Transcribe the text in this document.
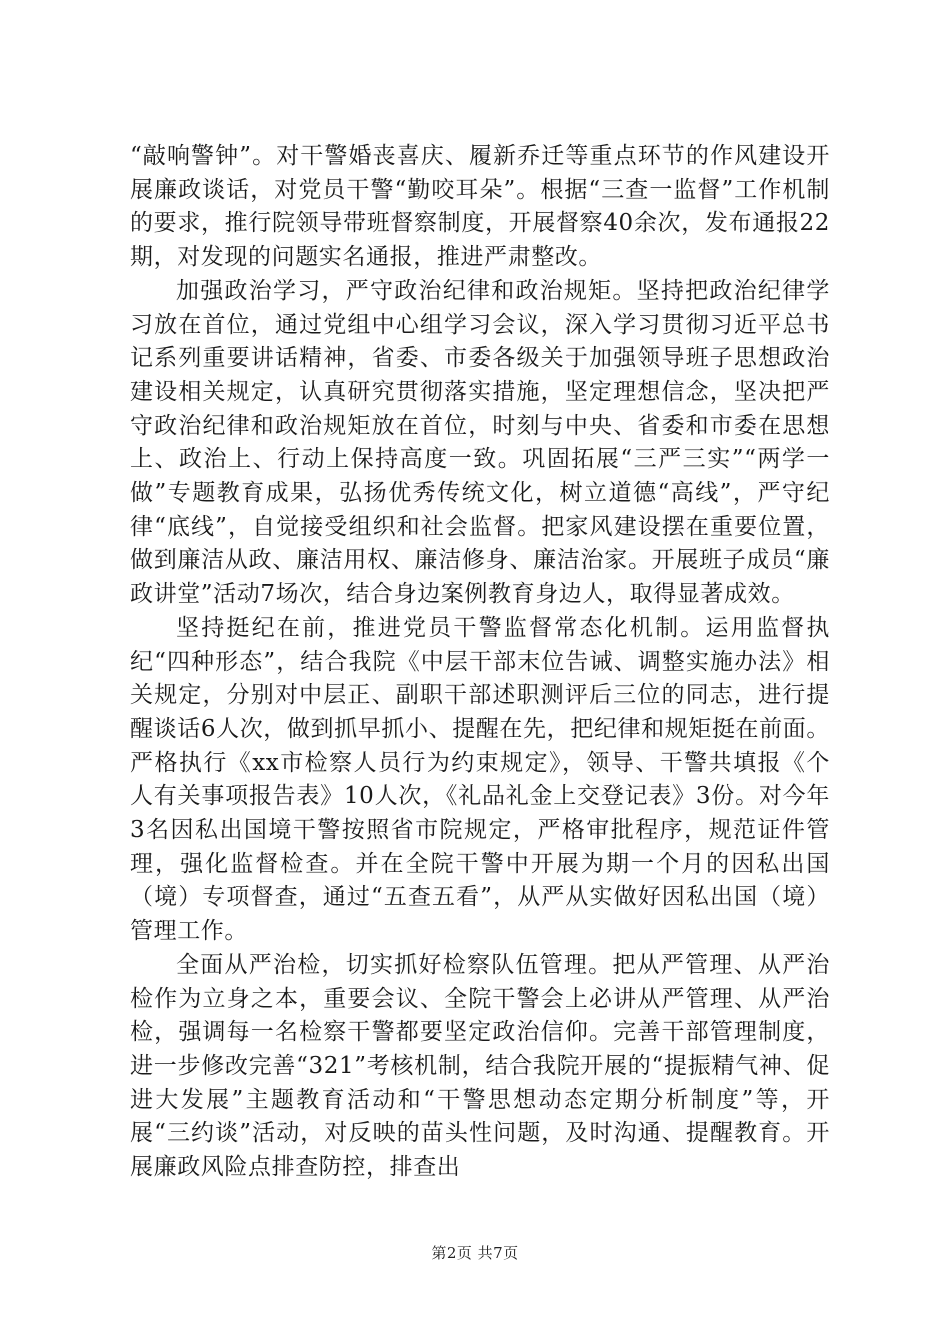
“敲响警钟”。对干警婚丧喜庆、履新乔迁等重点环节的作风建设开展廉政谈话，对党员干警“勤咬耳朵”。根据“三查一监督”工作机制的要求，推行院领导带班督察制度，开展督察40余次，发布通报22期，对发现的问题实名通报，推进严肃整改。

加强政治学习，严守政治纪律和政治规矩。坚持把政治纪律学习放在首位，通过党组中心组学习会议，深入学习贯彻习近平总书记系列重要讲话精神，省委、市委各级关于加强领导班子思想政治建设相关规定，认真研究贯彻落实措施，坚定理想信念，坚决把严守政治纪律和政治规矩放在首位，时刻与中央、省委和市委在思想上、政治上、行动上保持高度一致。巩固拓展“三严三实”“两学一做”专题教育成果，弘扬优秀传统文化，树立道德“高线”，严守纪律“底线”，自觉接受组织和社会监督。把家风建设摆在重要位置，做到廉洁从政、廉洁用权、廉洁修身、廉洁治家。开展班子成员“廉政讲堂”活动7场次，结合身边案例教育身边人，取得显著成效。

坚持挺纪在前，推进党员干警监督常态化机制。运用监督执纪“四种形态”，结合我院《中层干部末位告诫、调整实施办法》相关规定，分别对中层正、副职干部述职测评后三位的同志，进行提醒谈话6人次，做到抓早抓小、提醒在先，把纪律和规矩挺在前面。严格执行《xx市检察人员行为约束规定》，领导、干警共填报《个人有关事项报告表》10人次，《礼品礼金上交登记表》3份。对今年3名因私出国境干警按照省市院规定，严格审批程序，规范证件管理，强化监督检查。并在全院干警中开展为期一个月的因私出国（境）专项督查，通过“五查五看”，从严从实做好因私出国（境）管理工作。

全面从严治检，切实抓好检察队伍管理。把从严管理、从严治检作为立身之本，重要会议、全院干警会上必讲从严管理、从严治检，强调每一名检察干警都要坚定政治信仰。完善干部管理制度，进一步修改完善“321”考核机制，结合我院开展的“提振精气神、促进大发展”主题教育活动和“干警思想动态定期分析制度”等，开展“三约谈”活动，对反映的苗头性问题，及时沟通、提醒教育。开展廉政风险点排查防控，排查出

第2页 共7页
